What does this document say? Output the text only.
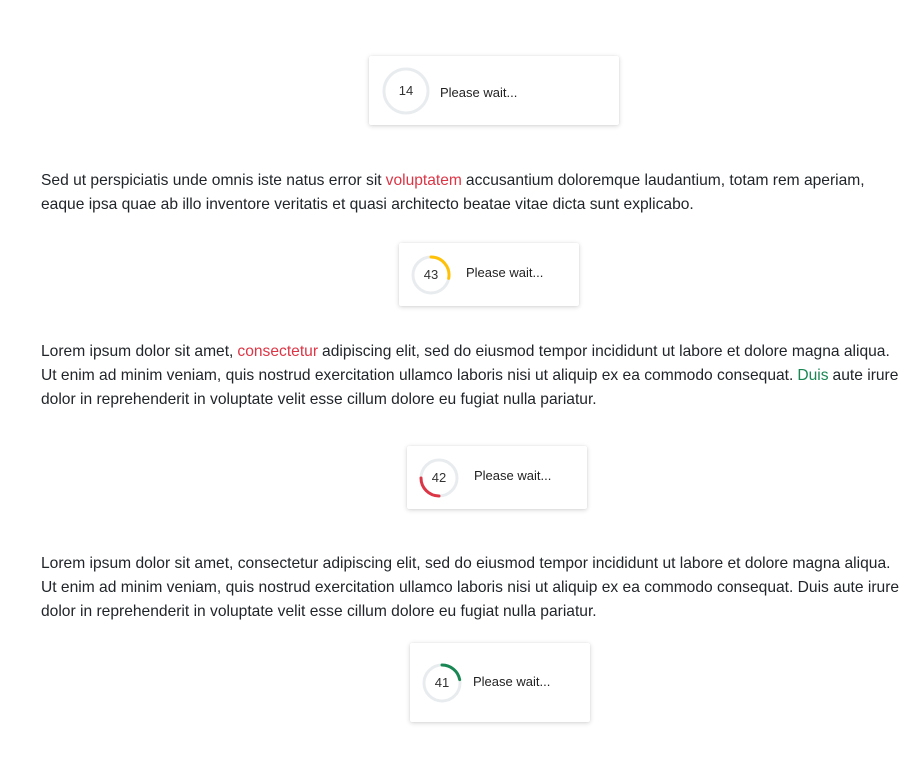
14	Please wait...

Sed ut perspiciatis unde omnis iste natus error sit voluptatem accusantium doloremque laudantium, totam rem aperiam, eaque ipsa quae ab illo inventore veritatis et quasi architecto beatae vitae dicta sunt explicabo.

43	Please wait...

Lorem ipsum dolor sit amet, consectetur adipiscing elit, sed do eiusmod tempor incididunt ut labore et dolore magna aliqua. Ut enim ad minim veniam, quis nostrud exercitation ullamco laboris nisi ut aliquip ex ea commodo consequat. Duis aute irure dolor in reprehenderit in voluptate velit esse cillum dolore eu fugiat nulla pariatur.

42	Please wait...

Lorem ipsum dolor sit amet, consectetur adipiscing elit, sed do eiusmod tempor incididunt ut labore et dolore magna aliqua. Ut enim ad minim veniam, quis nostrud exercitation ullamco laboris nisi ut aliquip ex ea commodo consequat. Duis aute irure dolor in reprehenderit in voluptate velit esse cillum dolore eu fugiat nulla pariatur.

41	Please wait...
